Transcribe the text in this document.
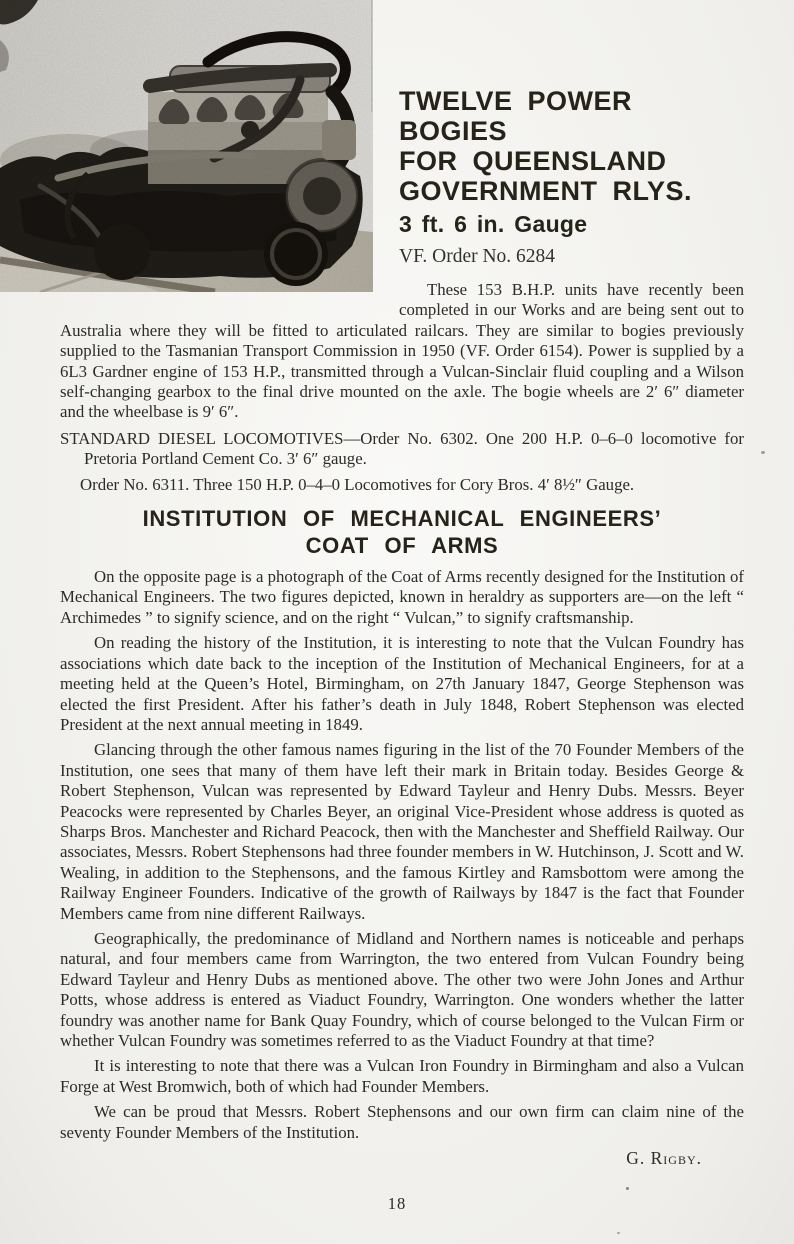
TWELVE POWER BOGIES
FOR QUEENSLAND
GOVERNMENT RLYS.
3 ft. 6 in. Gauge
VF. Order No. 6284

These 153 B.H.P. units have recently been completed in our Works and are being sent out to Australia where they will be fitted to articulated railcars. They are similar to bogies previously supplied to the Tasmanian Transport Commission in 1950 (VF. Order 6154). Power is supplied by a 6L3 Gardner engine of 153 H.P., transmitted through a Vulcan-Sinclair fluid coupling and a Wilson self-changing gearbox to the final drive mounted on the axle. The bogie wheels are 2′ 6″ diameter and the wheelbase is 9′ 6″.

STANDARD DIESEL LOCOMOTIVES—Order No. 6302. One 200 H.P. 0–6–0 locomotive for Pretoria Portland Cement Co. 3′ 6″ gauge.

Order No. 6311. Three 150 H.P. 0–4–0 Locomotives for Cory Bros. 4′ 8½″ Gauge.

INSTITUTION OF MECHANICAL ENGINEERS’
COAT OF ARMS

On the opposite page is a photograph of the Coat of Arms recently designed for the Institution of Mechanical Engineers. The two figures depicted, known in heraldry as supporters are—on the left “ Archimedes ” to signify science, and on the right “ Vulcan,” to signify craftsmanship.

On reading the history of the Institution, it is interesting to note that the Vulcan Foundry has associations which date back to the inception of the Institution of Mechanical Engineers, for at a meeting held at the Queen’s Hotel, Birmingham, on 27th January 1847, George Stephenson was elected the first President. After his father’s death in July 1848, Robert Stephenson was elected President at the next annual meeting in 1849.

Glancing through the other famous names figuring in the list of the 70 Founder Members of the Institution, one sees that many of them have left their mark in Britain today. Besides George & Robert Stephenson, Vulcan was represented by Edward Tayleur and Henry Dubs. Messrs. Beyer Peacocks were represented by Charles Beyer, an original Vice-President whose address is quoted as Sharps Bros. Manchester and Richard Peacock, then with the Manchester and Sheffield Railway. Our associates, Messrs. Robert Stephensons had three founder members in W. Hutchinson, J. Scott and W. Wealing, in addition to the Stephensons, and the famous Kirtley and Ramsbottom were among the Railway Engineer Founders. Indicative of the growth of Railways by 1847 is the fact that Founder Members came from nine different Railways.

Geographically, the predominance of Midland and Northern names is noticeable and perhaps natural, and four members came from Warrington, the two entered from Vulcan Foundry being Edward Tayleur and Henry Dubs as mentioned above. The other two were John Jones and Arthur Potts, whose address is entered as Viaduct Foundry, Warrington. One wonders whether the latter foundry was another name for Bank Quay Foundry, which of course belonged to the Vulcan Firm or whether Vulcan Foundry was sometimes referred to as the Viaduct Foundry at that time?

It is interesting to note that there was a Vulcan Iron Foundry in Birmingham and also a Vulcan Forge at West Bromwich, both of which had Founder Members.

We can be proud that Messrs. Robert Stephensons and our own firm can claim nine of the seventy Founder Members of the Institution.

G. Rigby.
18
